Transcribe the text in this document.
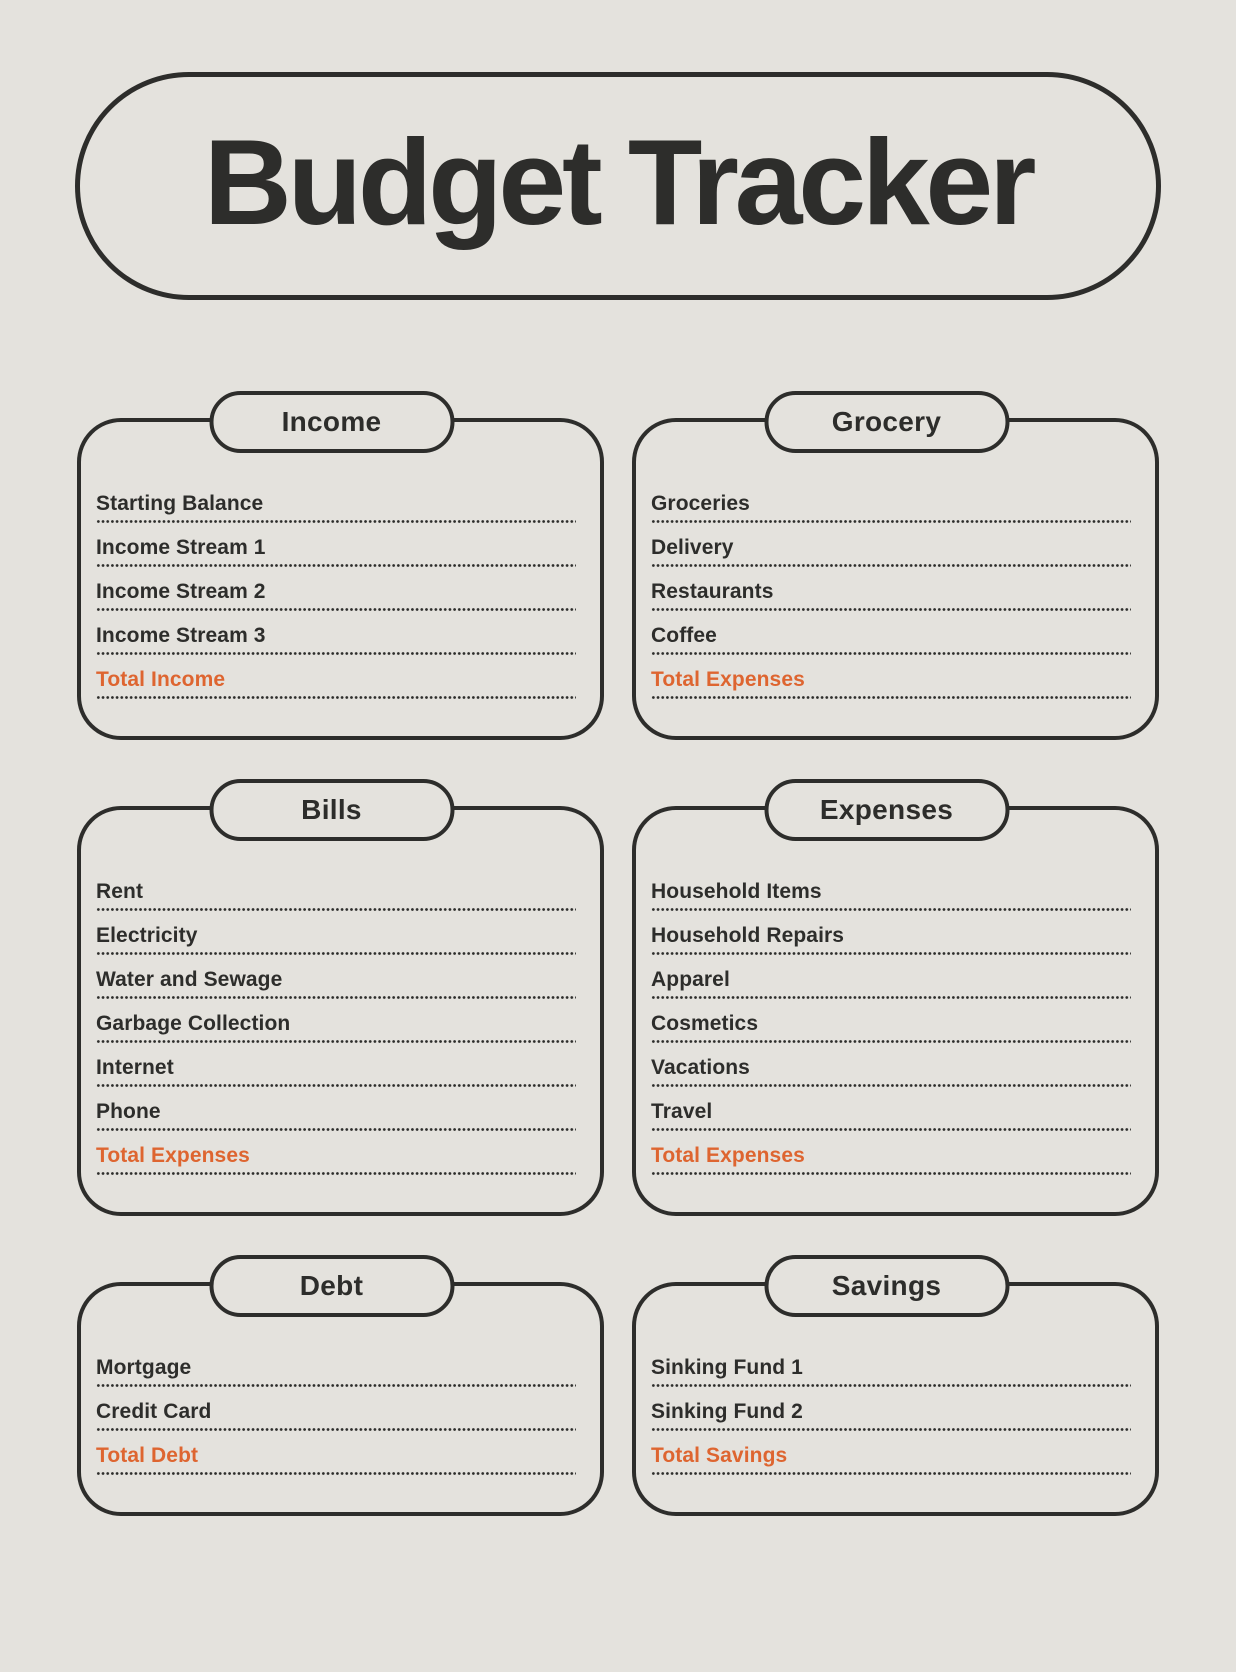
Budget Tracker
Income
Starting Balance
Income Stream 1
Income Stream 2
Income Stream 3
Total Income
Grocery
Groceries
Delivery
Restaurants
Coffee
Total Expenses
Bills
Rent
Electricity
Water and Sewage
Garbage Collection
Internet
Phone
Total Expenses
Expenses
Household Items
Household Repairs
Apparel
Cosmetics
Vacations
Travel
Total Expenses
Debt
Mortgage
Credit Card
Total Debt
Savings
Sinking Fund 1
Sinking Fund 2
Total Savings
